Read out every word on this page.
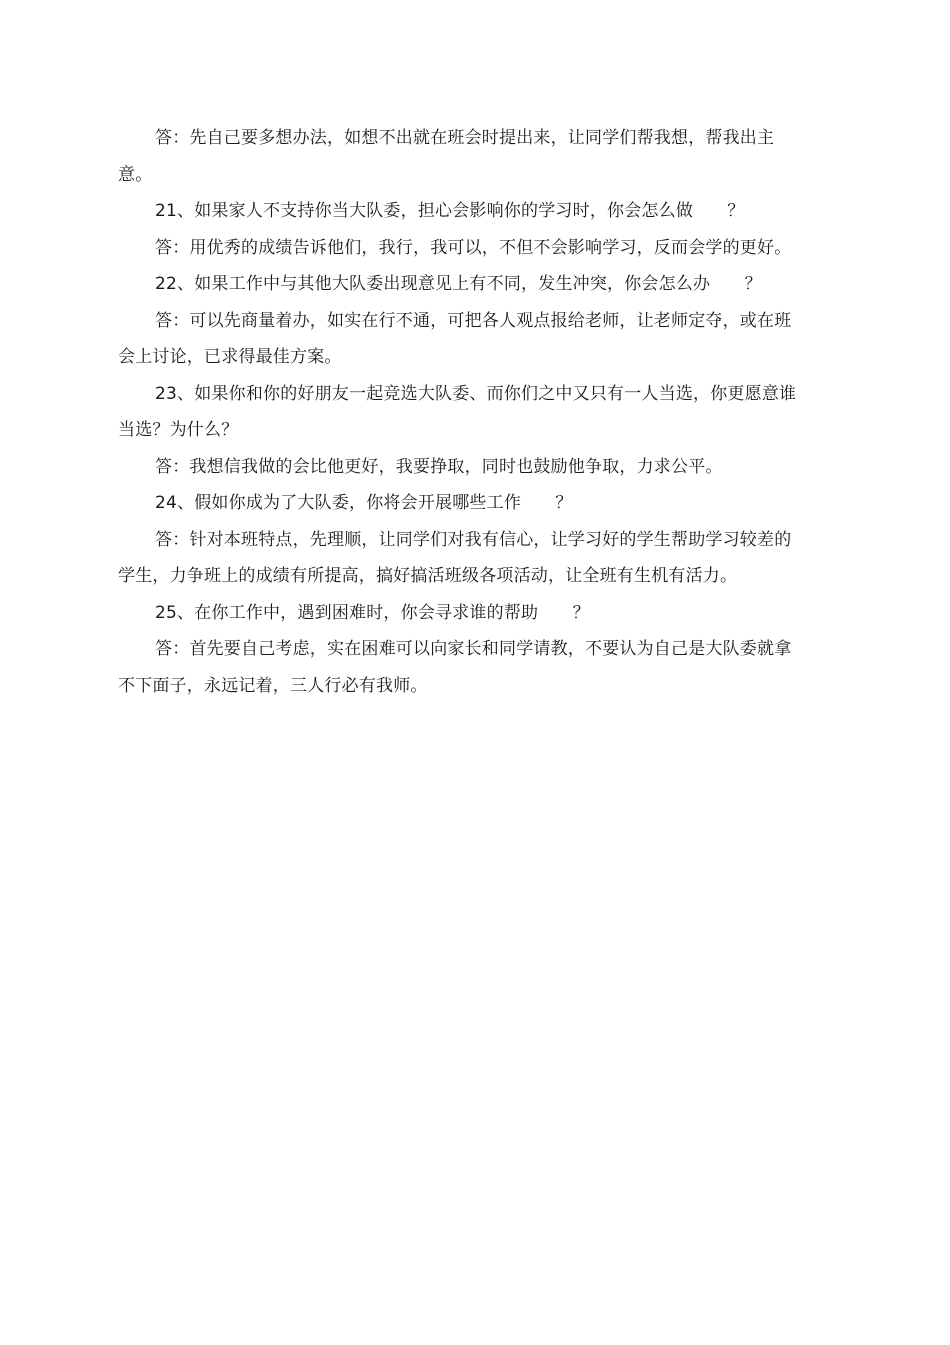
答：先自己要多想办法，如想不出就在班会时提出来，让同学们帮我想，帮我出主意。

21、如果家人不支持你当大队委，担心会影响你的学习时，你会怎么做　　？

答：用优秀的成绩告诉他们，我行，我可以，不但不会影响学习，反而会学的更好。

22、如果工作中与其他大队委出现意见上有不同，发生冲突，你会怎么办　　？

答：可以先商量着办，如实在行不通，可把各人观点报给老师，让老师定夺，或在班会上讨论，已求得最佳方案。

23、如果你和你的好朋友一起竞选大队委、而你们之中又只有一人当选，你更愿意谁当选？为什么？

答：我想信我做的会比他更好，我要挣取，同时也鼓励他争取，力求公平。

24、假如你成为了大队委，你将会开展哪些工作　　？

答：针对本班特点，先理顺，让同学们对我有信心，让学习好的学生帮助学习较差的学生，力争班上的成绩有所提高，搞好搞活班级各项活动，让全班有生机有活力。

25、在你工作中，遇到困难时，你会寻求谁的帮助　　？

答：首先要自己考虑，实在困难可以向家长和同学请教，不要认为自己是大队委就拿不下面子，永远记着，三人行必有我师。
